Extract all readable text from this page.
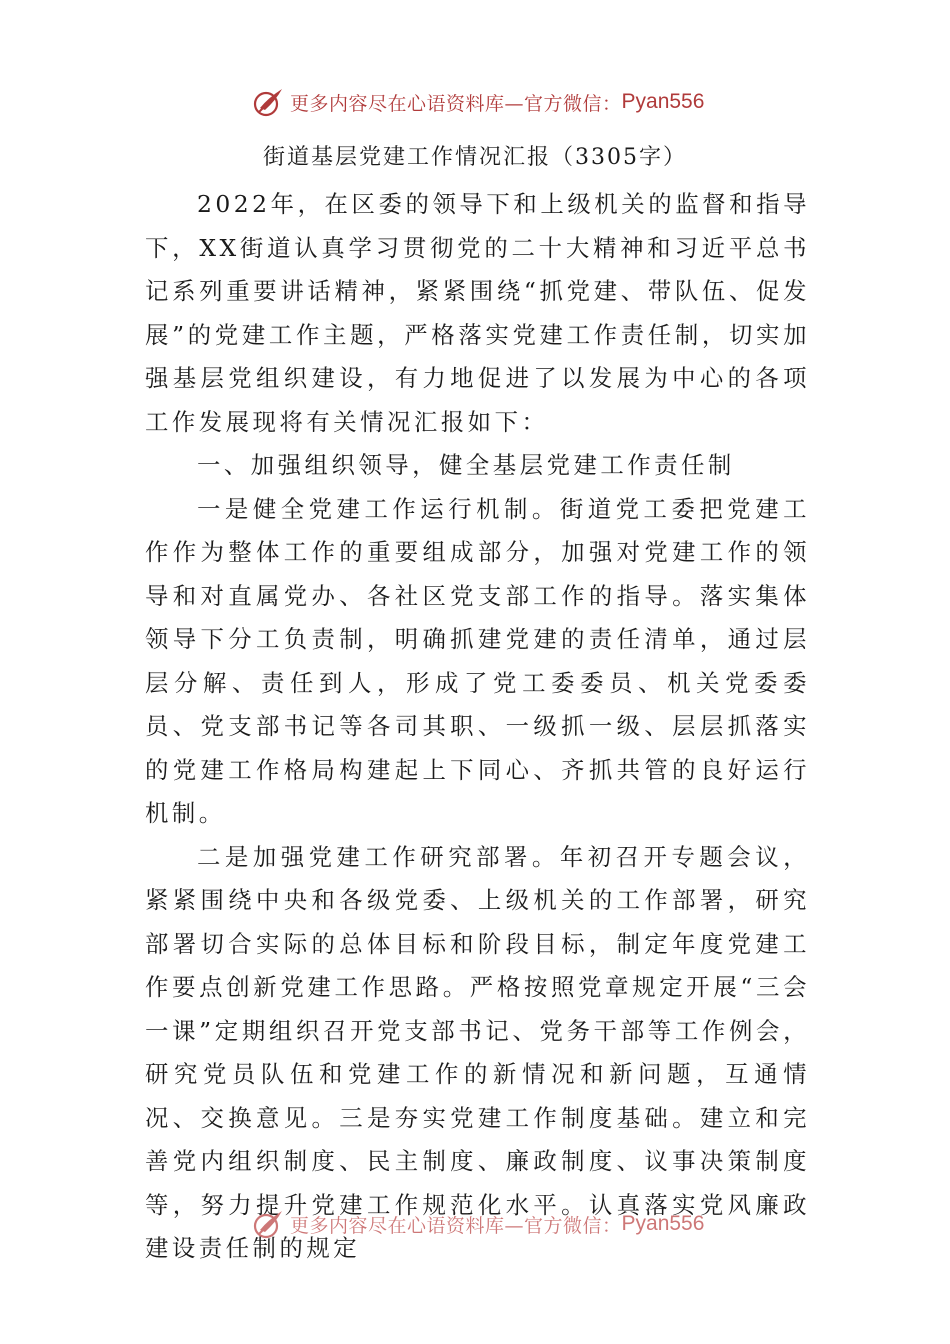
更多内容尽在心语资料库—官方微信： Pyan556
街道基层党建工作情况汇报（3305字）

2022年，在区委的领导下和上级机关的监督和指导下，XX街道认真学习贯彻党的二十大精神和习近平总书记系列重要讲话精神，紧紧围绕“抓党建、带队伍、促发展”的党建工作主题，严格落实党建工作责任制，切实加强基层党组织建设，有力地促进了以发展为中心的各项工作发展现将有关情况汇报如下：

一、加强组织领导，健全基层党建工作责任制

一是健全党建工作运行机制。街道党工委把党建工作作为整体工作的重要组成部分，加强对党建工作的领导和对直属党办、各社区党支部工作的指导。落实集体领导下分工负责制，明确抓建党建的责任清单，通过层层分解、责任到人，形成了党工委委员、机关党委委员、党支部书记等各司其职、一级抓一级、层层抓落实的党建工作格局构建起上下同心、齐抓共管的良好运行机制。

二是加强党建工作研究部署。年初召开专题会议，紧紧围绕中央和各级党委、上级机关的工作部署，研究部署切合实际的总体目标和阶段目标，制定年度党建工作要点创新党建工作思路。严格按照党章规定开展“三会一课”定期组织召开党支部书记、党务干部等工作例会，研究党员队伍和党建工作的新情况和新问题，互通情况、交换意见。三是夯实党建工作制度基础。建立和完善党内组织制度、民主制度、廉政制度、议事决策制度等，努力提升党建工作规范化水平。认真落实党风廉政建设责任制的规定

更多内容尽在心语资料库—官方微信： Pyan556
